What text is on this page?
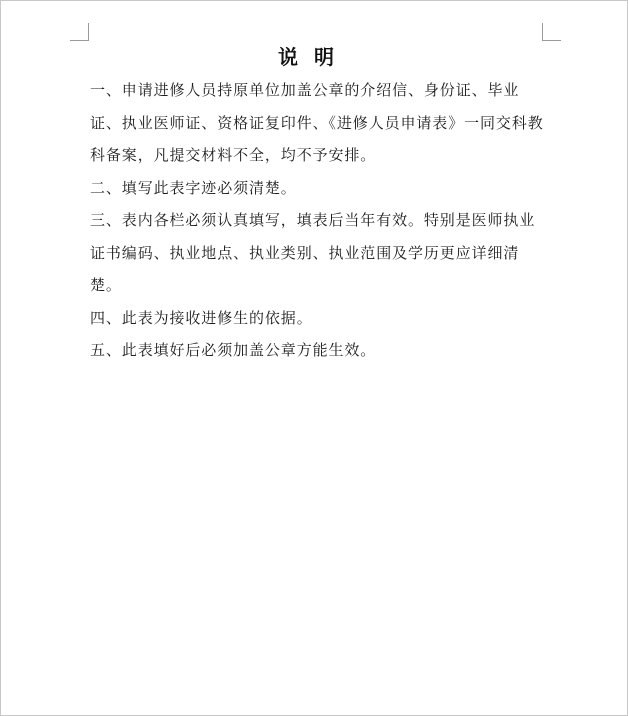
说明

一、申请进修人员持原单位加盖公章的介绍信、身份证、毕业证、执业医师证、资格证复印件、《进修人员申请表》一同交科教科备案，凡提交材料不全，均不予安排。

二、填写此表字迹必须清楚。

三、表内各栏必须认真填写，填表后当年有效。特别是医师执业证书编码、执业地点、执业类别、执业范围及学历更应详细清楚。

四、此表为接收进修生的依据。

五、此表填好后必须加盖公章方能生效。
